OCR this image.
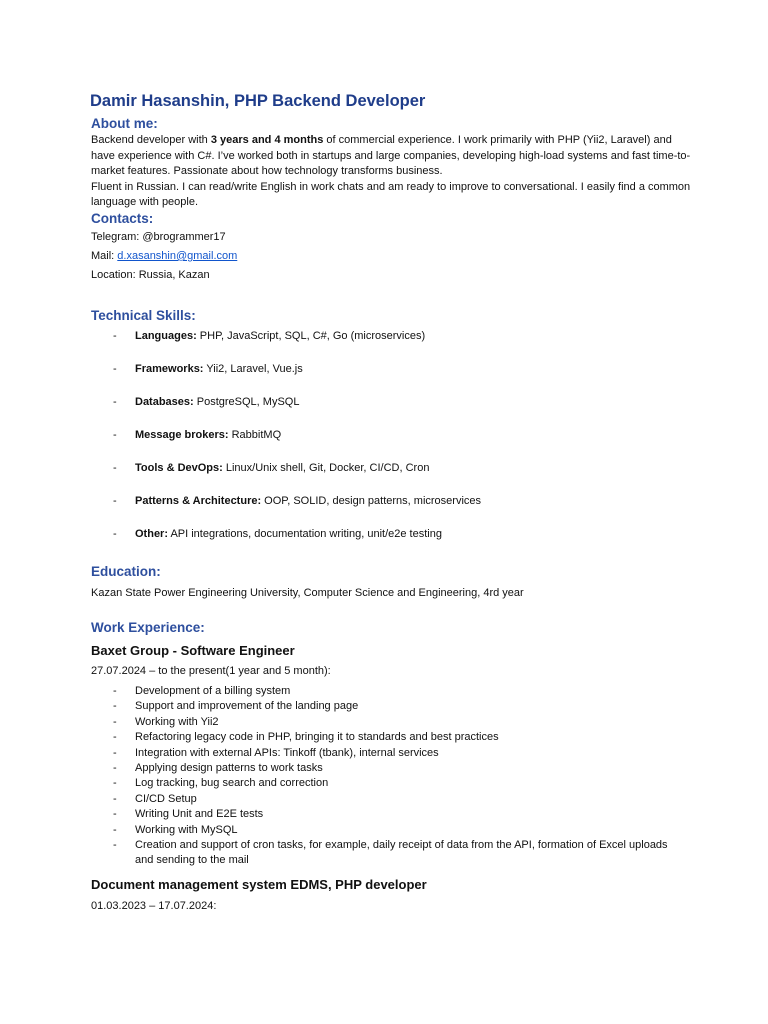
Damir Hasanshin, PHP Backend Developer
About me:
Backend developer with 3 years and 4 months of commercial experience. I work primarily with PHP (Yii2, Laravel) and have experience with C#. I’ve worked both in startups and large companies, developing high-load systems and fast time-to-market features. Passionate about how technology transforms business.
Fluent in Russian. I can read/write English in work chats and am ready to improve to conversational. I easily find a common language with people.
Contacts:
Telegram: @brogrammer17
Mail: d.xasanshin@gmail.com
Location: Russia, Kazan
Technical Skills:
- Languages: PHP, JavaScript, SQL, C#, Go (microservices)
- Frameworks: Yii2, Laravel, Vue.js
- Databases: PostgreSQL, MySQL
- Message brokers: RabbitMQ
- Tools & DevOps: Linux/Unix shell, Git, Docker, CI/CD, Cron
- Patterns & Architecture: OOP, SOLID, design patterns, microservices
- Other: API integrations, documentation writing, unit/e2e testing
Education:
Kazan State Power Engineering University, Computer Science and Engineering, 4rd year
Work Experience:
Baxet Group - Software Engineer
27.07.2024 – to the present(1 year and 5 month):
-	Development of a billing system
-	Support and improvement of the landing page
-	Working with Yii2
-	Refactoring legacy code in PHP, bringing it to standards and best practices
-	Integration with external APIs: Tinkoff (tbank), internal services
-	Applying design patterns to work tasks
-	Log tracking, bug search and correction
-	CI/CD Setup
-	Writing Unit and E2E tests
-	Working with MySQL
-	Creation and support of cron tasks, for example, daily receipt of data from the API, formation of Excel uploads and sending to the mail
Document management system EDMS, PHP developer
01.03.2023 – 17.07.2024:
